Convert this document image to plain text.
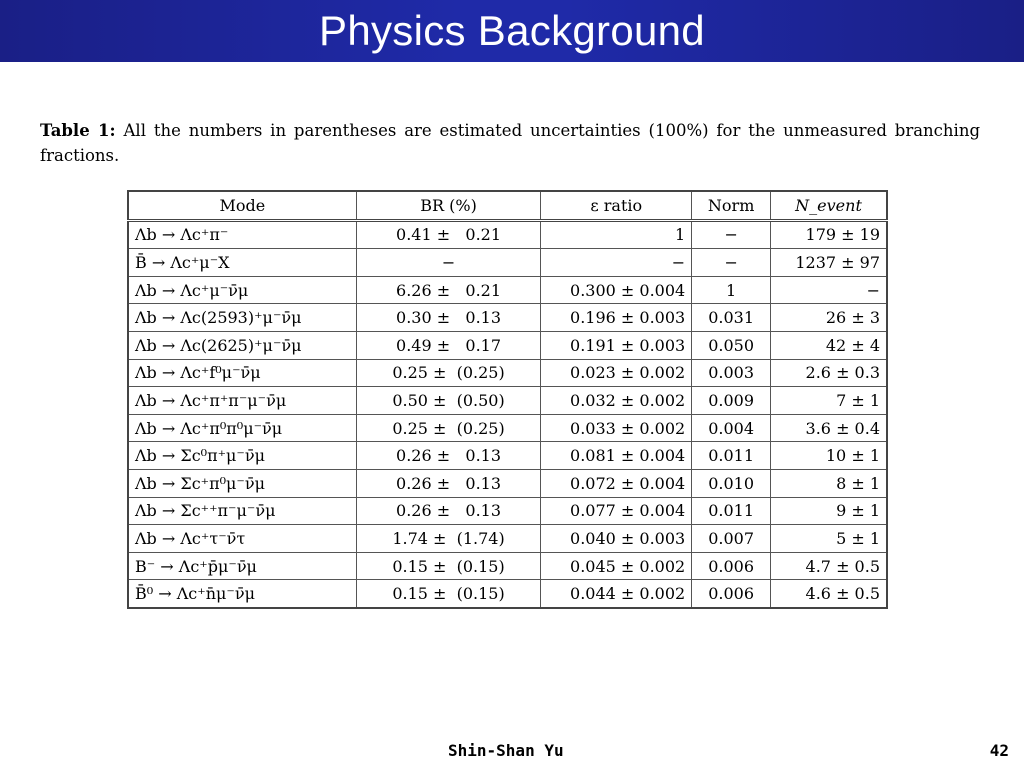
Physics Background
Table 1: All the numbers in parentheses are estimated uncertainties (100%) for the unmeasured branching fractions.
Mode	BR (%)	ε ratio	Norm	N_event
Λb → Λc⁺π⁻	0.41 ±   0.21	1	−	179 ± 19
B̄ → Λc⁺μ⁻X	−	−	−	1237 ± 97
Λb → Λc⁺μ⁻ν̄μ	6.26 ±   0.21	0.300 ± 0.004	1	−
Λb → Λc(2593)⁺μ⁻ν̄μ	0.30 ±   0.13	0.196 ± 0.003	0.031	26 ± 3
Λb → Λc(2625)⁺μ⁻ν̄μ	0.49 ±   0.17	0.191 ± 0.003	0.050	42 ± 4
Λb → Λc⁺f⁰μ⁻ν̄μ	0.25 ±  (0.25)	0.023 ± 0.002	0.003	2.6 ± 0.3
Λb → Λc⁺π⁺π⁻μ⁻ν̄μ	0.50 ±  (0.50)	0.032 ± 0.002	0.009	7 ± 1
Λb → Λc⁺π⁰π⁰μ⁻ν̄μ	0.25 ±  (0.25)	0.033 ± 0.002	0.004	3.6 ± 0.4
Λb → Σc⁰π⁺μ⁻ν̄μ	0.26 ±   0.13	0.081 ± 0.004	0.011	10 ± 1
Λb → Σc⁺π⁰μ⁻ν̄μ	0.26 ±   0.13	0.072 ± 0.004	0.010	8 ± 1
Λb → Σc⁺⁺π⁻μ⁻ν̄μ	0.26 ±   0.13	0.077 ± 0.004	0.011	9 ± 1
Λb → Λc⁺τ⁻ν̄τ	1.74 ±  (1.74)	0.040 ± 0.003	0.007	5 ± 1
B⁻ → Λc⁺p̄μ⁻ν̄μ	0.15 ±  (0.15)	0.045 ± 0.002	0.006	4.7 ± 0.5
B̄⁰ → Λc⁺n̄μ⁻ν̄μ	0.15 ±  (0.15)	0.044 ± 0.002	0.006	4.6 ± 0.5
Shin-Shan Yu	42
